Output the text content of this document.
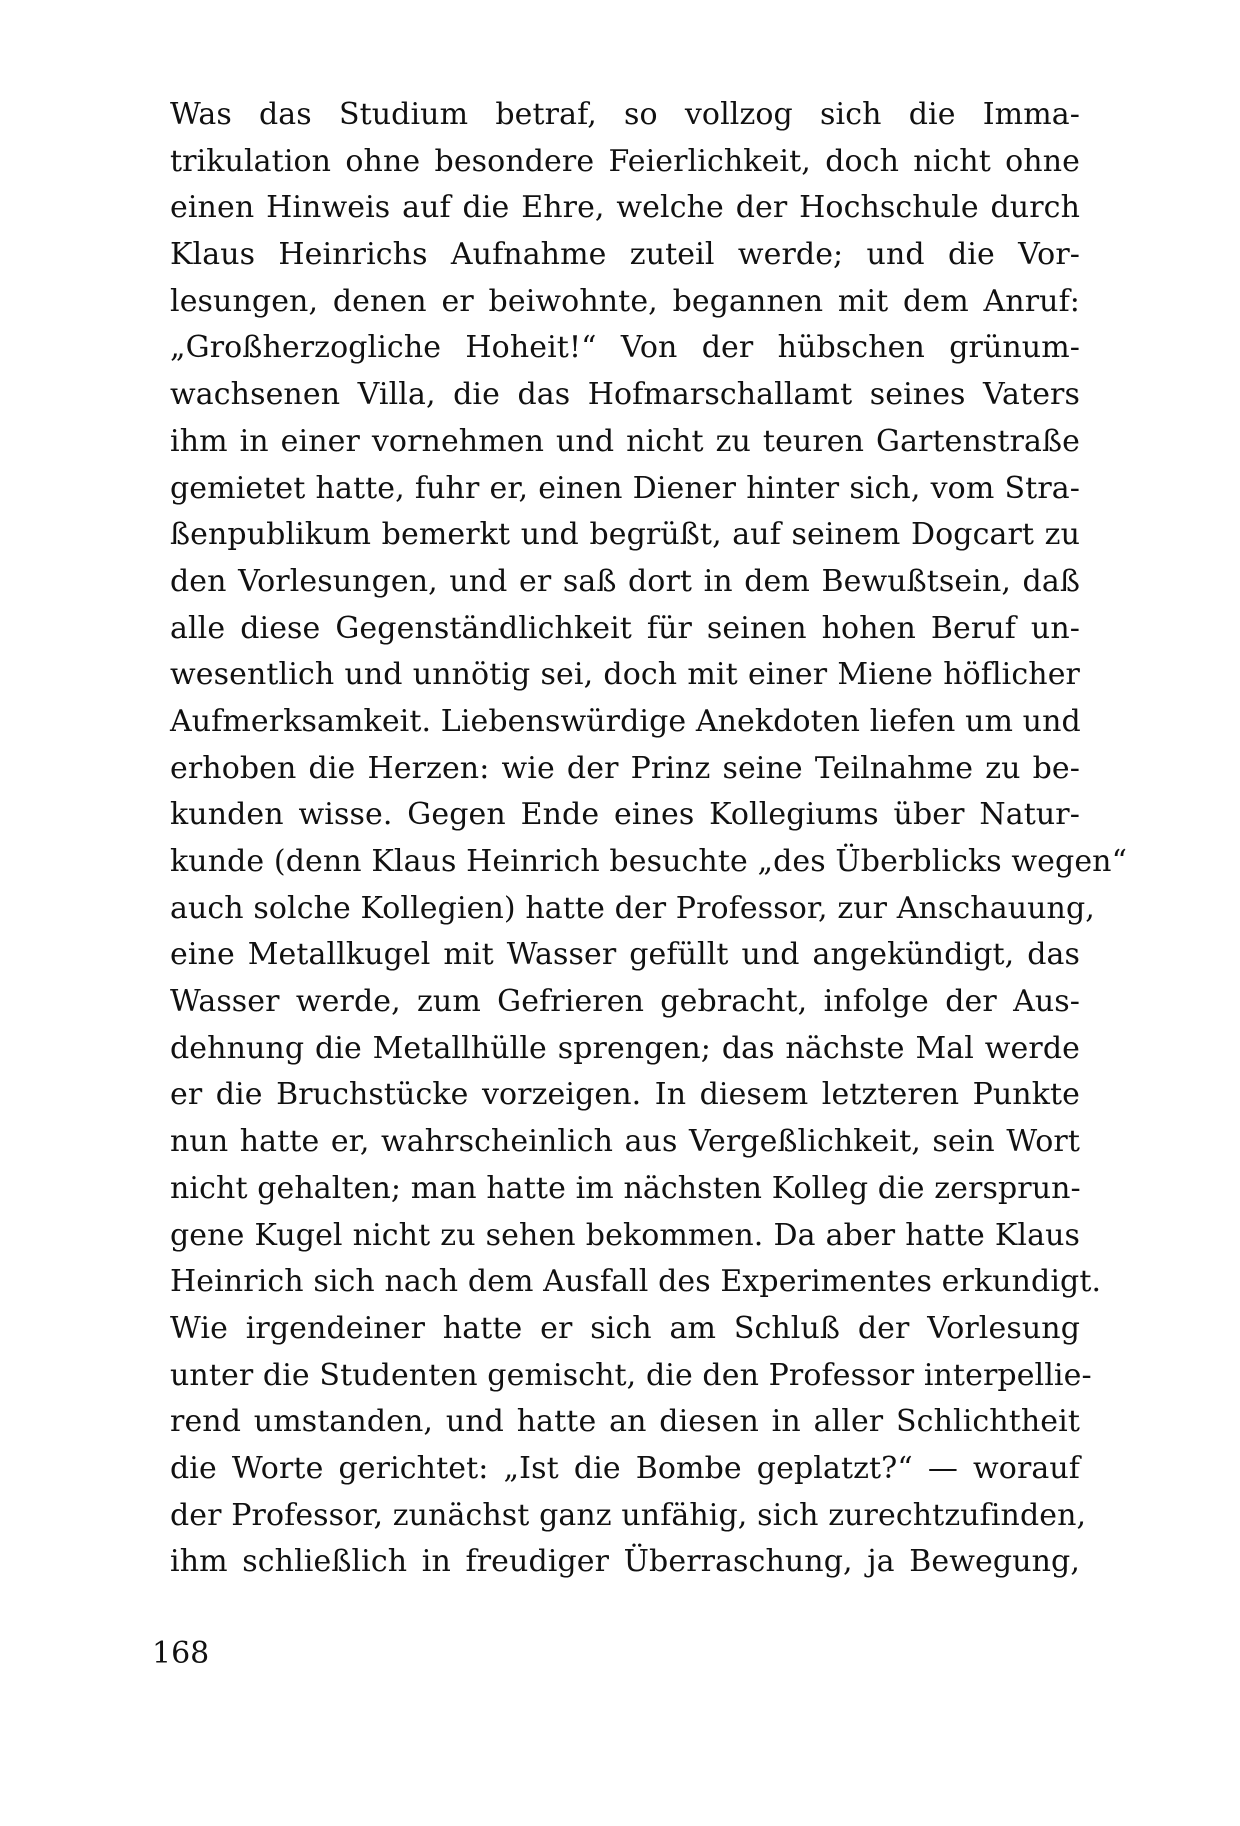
Was das Studium betraf, so vollzog sich die Imma-
trikulation ohne besondere Feierlichkeit, doch nicht ohne
einen Hinweis auf die Ehre, welche der Hochschule durch
Klaus Heinrichs Aufnahme zuteil werde; und die Vor-
lesungen, denen er beiwohnte, begannen mit dem Anruf:
„Großherzogliche Hoheit!“ Von der hübschen grünum-
wachsenen Villa, die das Hofmarschallamt seines Vaters
ihm in einer vornehmen und nicht zu teuren Gartenstraße
gemietet hatte, fuhr er, einen Diener hinter sich, vom Stra-
ßenpublikum bemerkt und begrüßt, auf seinem Dogcart zu
den Vorlesungen, und er saß dort in dem Bewußtsein, daß
alle diese Gegenständlichkeit für seinen hohen Beruf un-
wesentlich und unnötig sei, doch mit einer Miene höflicher
Aufmerksamkeit. Liebenswürdige Anekdoten liefen um und
erhoben die Herzen: wie der Prinz seine Teilnahme zu be-
kunden wisse. Gegen Ende eines Kollegiums über Natur-
kunde (denn Klaus Heinrich besuchte „des Überblicks wegen“
auch solche Kollegien) hatte der Professor, zur Anschauung,
eine Metallkugel mit Wasser gefüllt und angekündigt, das
Wasser werde, zum Gefrieren gebracht, infolge der Aus-
dehnung die Metallhülle sprengen; das nächste Mal werde
er die Bruchstücke vorzeigen. In diesem letzteren Punkte
nun hatte er, wahrscheinlich aus Vergeßlichkeit, sein Wort
nicht gehalten; man hatte im nächsten Kolleg die zersprun-
gene Kugel nicht zu sehen bekommen. Da aber hatte Klaus
Heinrich sich nach dem Ausfall des Experimentes erkundigt.
Wie irgendeiner hatte er sich am Schluß der Vorlesung
unter die Studenten gemischt, die den Professor interpellie-
rend umstanden, und hatte an diesen in aller Schlichtheit
die Worte gerichtet: „Ist die Bombe geplatzt?“ — worauf
der Professor, zunächst ganz unfähig, sich zurechtzufinden,
ihm schließlich in freudiger Überraschung, ja Bewegung,
168
